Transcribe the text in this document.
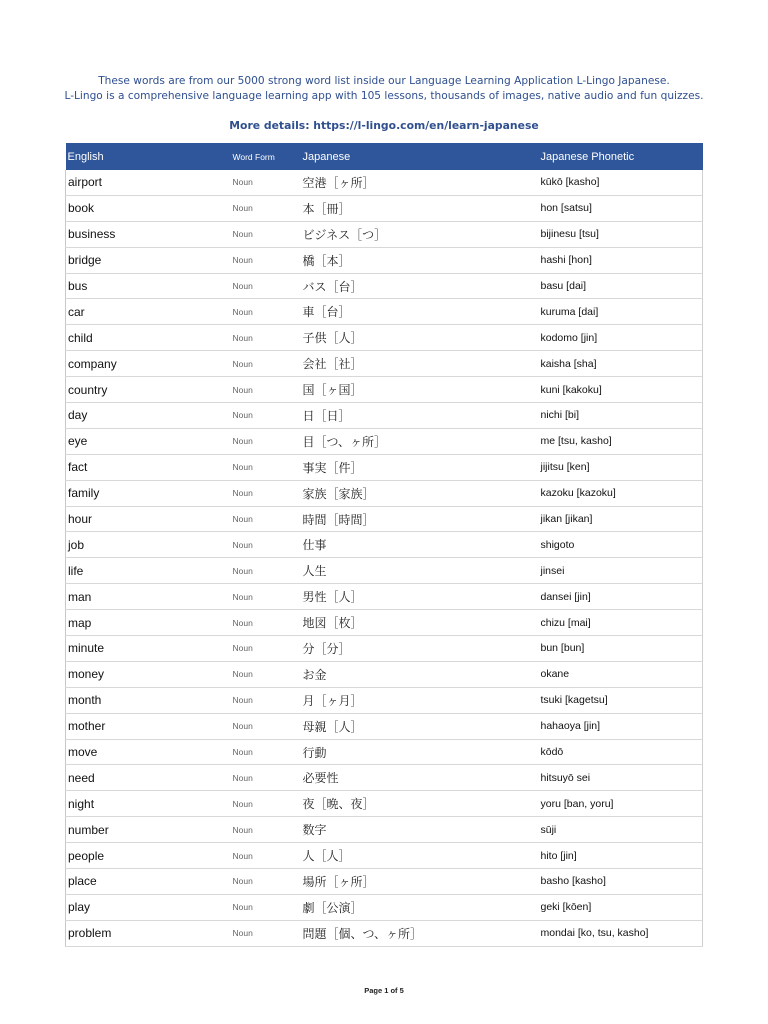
These words are from our 5000 strong word list inside our Language Learning Application L-Lingo Japanese.
L-Lingo is a comprehensive language learning app with 105 lessons, thousands of images, native audio and fun quizzes.
More details: https://l-lingo.com/en/learn-japanese
English	Word Form	Japanese	Japanese Phonetic
airport	Noun	空港［ヶ所］	kūkō [kasho]
book	Noun	本［冊］	hon [satsu]
business	Noun	ビジネス［つ］	bijinesu [tsu]
bridge	Noun	橋［本］	hashi [hon]
bus	Noun	バス［台］	basu [dai]
car	Noun	車［台］	kuruma [dai]
child	Noun	子供［人］	kodomo [jin]
company	Noun	会社［社］	kaisha [sha]
country	Noun	国［ヶ国］	kuni [kakoku]
day	Noun	日［日］	nichi [bi]
eye	Noun	目［つ、ヶ所］	me [tsu, kasho]
fact	Noun	事実［件］	jijitsu [ken]
family	Noun	家族［家族］	kazoku [kazoku]
hour	Noun	時間［時間］	jikan [jikan]
job	Noun	仕事	shigoto
life	Noun	人生	jinsei
man	Noun	男性［人］	dansei [jin]
map	Noun	地図［枚］	chizu [mai]
minute	Noun	分［分］	bun [bun]
money	Noun	お金	okane
month	Noun	月［ヶ月］	tsuki [kagetsu]
mother	Noun	母親［人］	hahaoya [jin]
move	Noun	行動	kōdō
need	Noun	必要性	hitsuyō sei
night	Noun	夜［晩、夜］	yoru [ban, yoru]
number	Noun	数字	sūji
people	Noun	人［人］	hito [jin]
place	Noun	場所［ヶ所］	basho [kasho]
play	Noun	劇［公演］	geki [kōen]
problem	Noun	問題［個、つ、ヶ所］	mondai [ko, tsu, kasho]
Page 1 of 5
